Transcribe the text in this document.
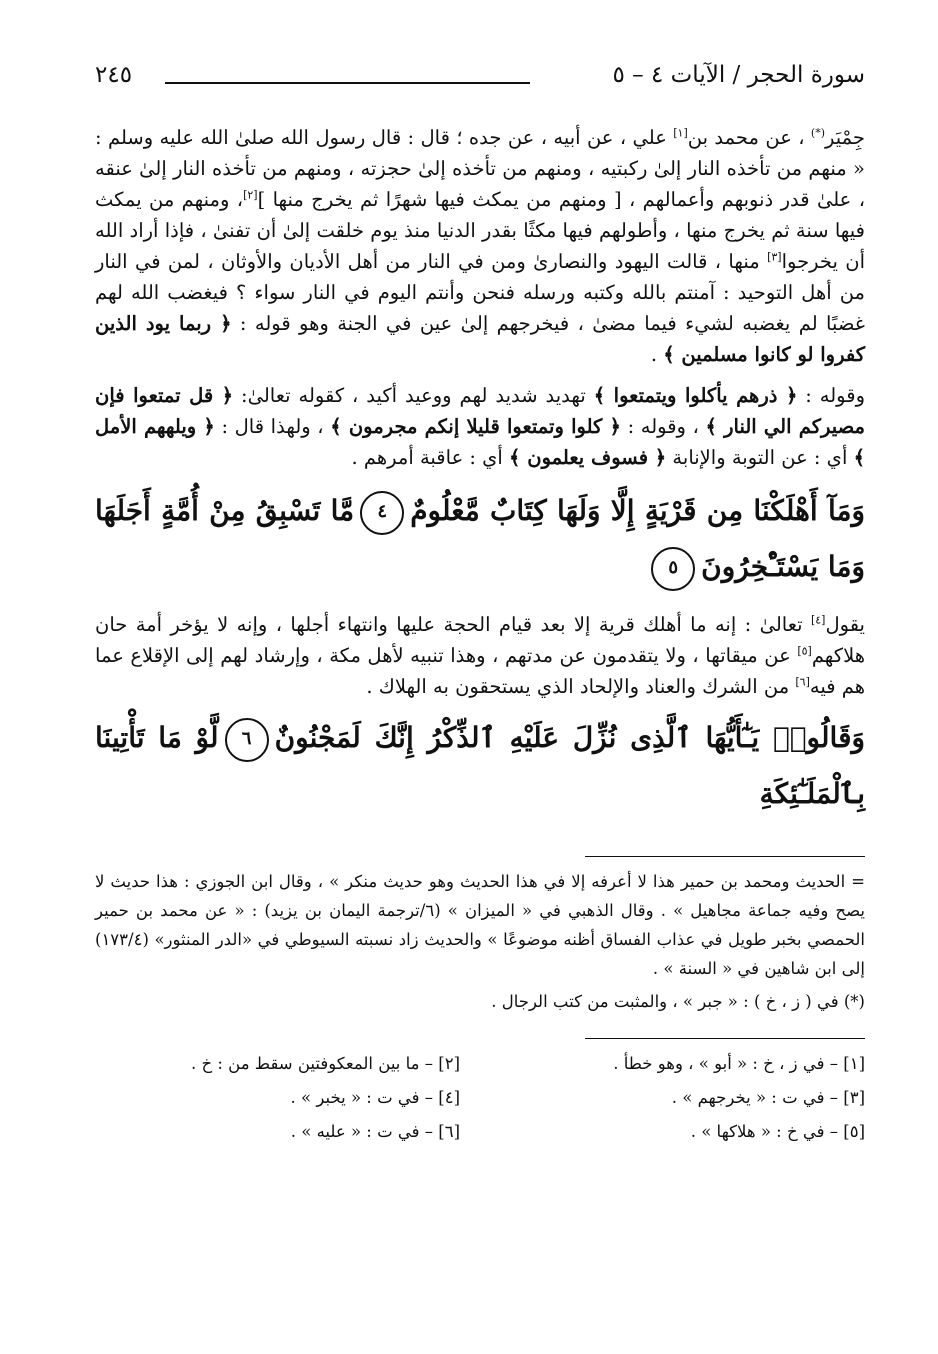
سورة الحجر / الآيات ٤ – ٥
٢٤٥

جِمْيَر(*) ، عن محمد بن[١] علي ، عن أبيه ، عن جده ؛ قال : قال رسول الله صلىٰ الله عليه وسلم : « منهم من تأخذه النار إلىٰ ركبتيه ، ومنهم من تأخذه إلىٰ حجزته ، ومنهم من تأخذه النار إلىٰ عنقه ، علىٰ قدر ذنوبهم وأعمالهم ، [ ومنهم من يمكث فيها شهرًا ثم يخرج منها ][٢]، ومنهم من يمكث فيها سنة ثم يخرج منها ، وأطولهم فيها مكثًا بقدر الدنيا منذ يوم خلقت إلىٰ أن تفنىٰ ، فإذا أراد الله أن يخرجوا[٣] منها ، قالت اليهود والنصارىٰ ومن في النار من أهل الأديان والأوثان ، لمن في النار من أهل التوحيد : آمنتم بالله وكتبه ورسله فنحن وأنتم اليوم في النار سواء ؟ فيغضب الله لهم غضبًا لم يغضبه لشيء فيما مضىٰ ، فيخرجهم إلىٰ عين في الجنة وهو قوله : ﴿ ربما يود الذين كفروا لو كانوا مسلمين ﴾ .

وقوله : ﴿ ذرهم يأكلوا ويتمتعوا ﴾ تهديد شديد لهم ووعيد أكيد ، كقوله تعالىٰ: ﴿ قل تمتعوا فإن مصيركم الي النار ﴾ ، وقوله : ﴿ كلوا وتمتعوا قليلا إنكم مجرمون ﴾ ، ولهذا قال : ﴿ ويلههم الأمل ﴾ أي : عن التوبة والإنابة ﴿ فسوف يعلمون ﴾ أي : عاقبة أمرهم .

وَمَآ أَهْلَكْنَا مِن قَرْيَةٍ إِلَّا وَلَهَا كِتَابٌ مَّعْلُومٌ٤مَّا تَسْبِقُ مِنْ أُمَّةٍ أَجَلَهَا وَمَا يَسْتَـْٔخِرُونَ٥

يقول[٤] تعالىٰ : إنه ما أهلك قرية إلا بعد قيام الحجة عليها وانتهاء أجلها ، وإنه لا يؤخر أمة حان هلاكهم[٥] عن ميقاتها ، ولا يتقدمون عن مدتهم ، وهذا تنبيه لأهل مكة ، وإرشاد لهم إلى الإقلاع عما هم فيه[٦] من الشرك والعناد والإلحاد الذي يستحقون به الهلاك .

وَقَالُوا۟ يَـٰٓأَيُّهَا ٱلَّذِى نُزِّلَ عَلَيْهِ ٱلذِّكْرُ إِنَّكَ لَمَجْنُونٌ٦لَّوْ مَا تَأْتِينَا بِٱلْمَلَـٰٓئِكَةِ

= الحديث ومحمد بن حمير هذا لا أعرفه إلا في هذا الحديث وهو حديث منكر » ، وقال ابن الجوزي : هذا حديث لا يصح وفيه جماعة مجاهيل » . وقال الذهبي في « الميزان » (٦/ترجمة اليمان بن يزيد) : « عن محمد بن حمير الحمصي بخبر طويل في عذاب الفساق أظنه موضوعًا » والحديث زاد نسبته السيوطي في «الدر المنثور» (١٧٣/٤) إلى ابن شاهين في « السنة » .

(*) في ( ز ، خ ) : « جبر » ، والمثبت من كتب الرجال .

[١] – في ز ، خ : « أبو » ، وهو خطأ .
[٢] – ما بين المعكوفتين سقط من : خ .
[٣] – في ت : « يخرجهم » .
[٤] – في ت : « يخبر » .
[٥] – في خ : « هلاكها » .
[٦] – في ت : « عليه » .
